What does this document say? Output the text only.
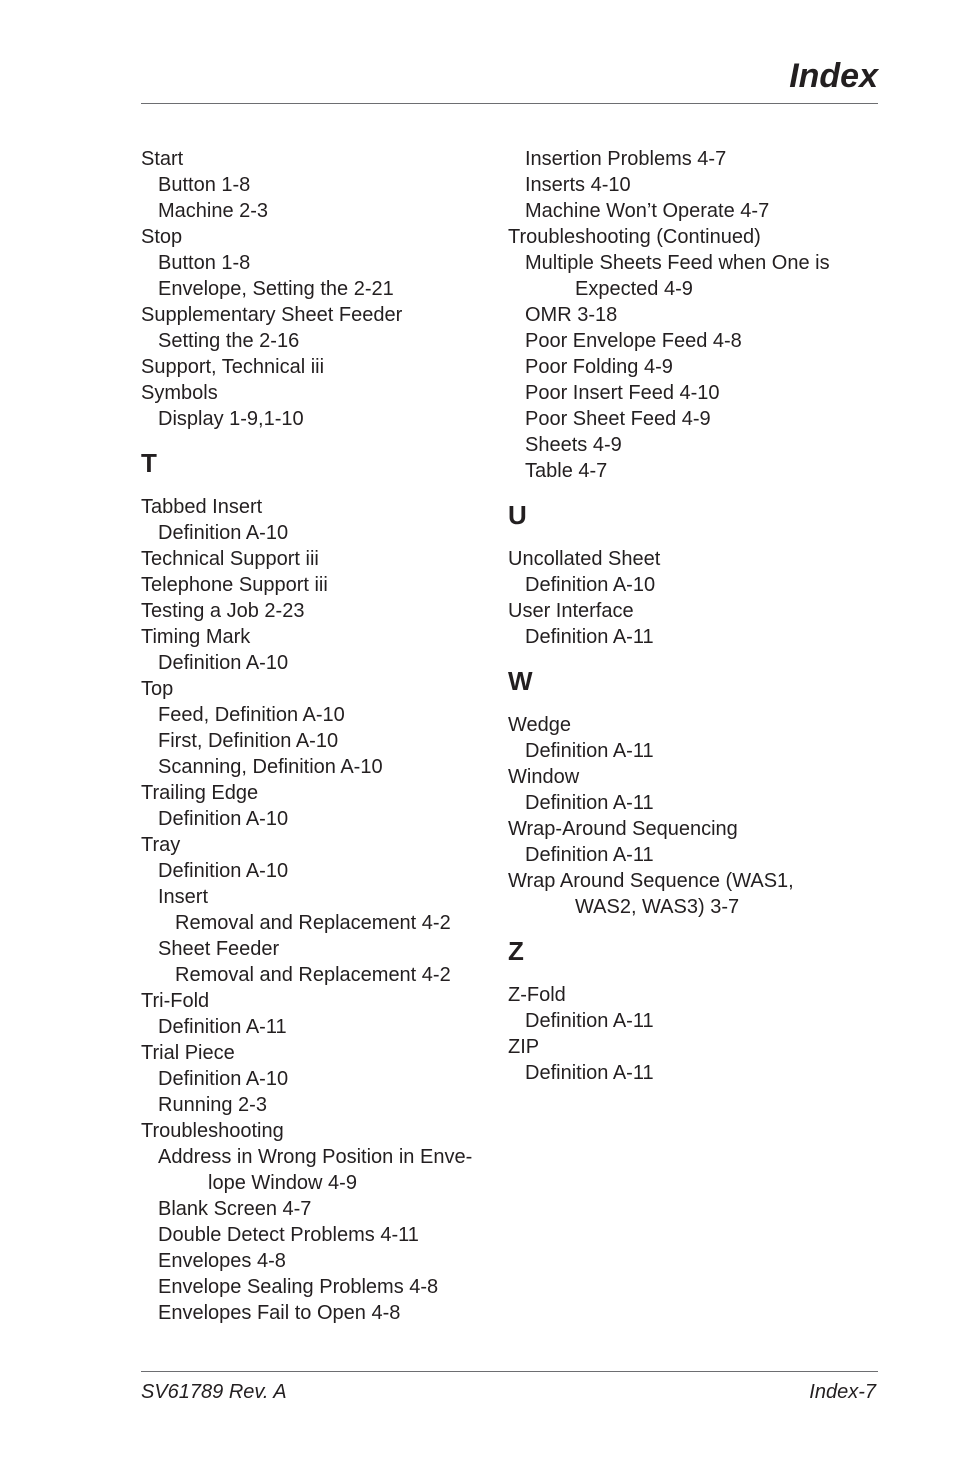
Index
Start
Button 1-8
Machine 2-3
Stop
Button 1-8
Envelope, Setting the 2-21
Supplementary Sheet Feeder
Setting the 2-16
Support, Technical iii
Symbols
Display 1-9,1-10
T
Tabbed Insert
Definition A-10
Technical Support iii
Telephone Support iii
Testing a Job 2-23
Timing Mark
Definition A-10
Top
Feed, Definition A-10
First, Definition A-10
Scanning, Definition A-10
Trailing Edge
Definition A-10
Tray
Definition A-10
Insert
Removal and Replacement 4-2
Sheet Feeder
Removal and Replacement 4-2
Tri-Fold
Definition A-11
Trial Piece
Definition A-10
Running 2-3
Troubleshooting
Address in Wrong Position in Enve-
lope Window 4-9
Blank Screen 4-7
Double Detect Problems 4-11
Envelopes 4-8
Envelope Sealing Problems 4-8
Envelopes Fail to Open 4-8
Insertion Problems 4-7
Inserts 4-10
Machine Won’t Operate 4-7
Troubleshooting (Continued)
Multiple Sheets Feed when One is
Expected 4-9
OMR 3-18
Poor Envelope Feed 4-8
Poor Folding 4-9
Poor Insert Feed 4-10
Poor Sheet Feed 4-9
Sheets 4-9
Table 4-7
U
Uncollated Sheet
Definition A-10
User Interface
Definition A-11
W
Wedge
Definition A-11
Window
Definition A-11
Wrap-Around Sequencing
Definition A-11
Wrap Around Sequence (WAS1,
WAS2, WAS3) 3-7
Z
Z-Fold
Definition A-11
ZIP
Definition A-11
SV61789 Rev. A	Index-7
